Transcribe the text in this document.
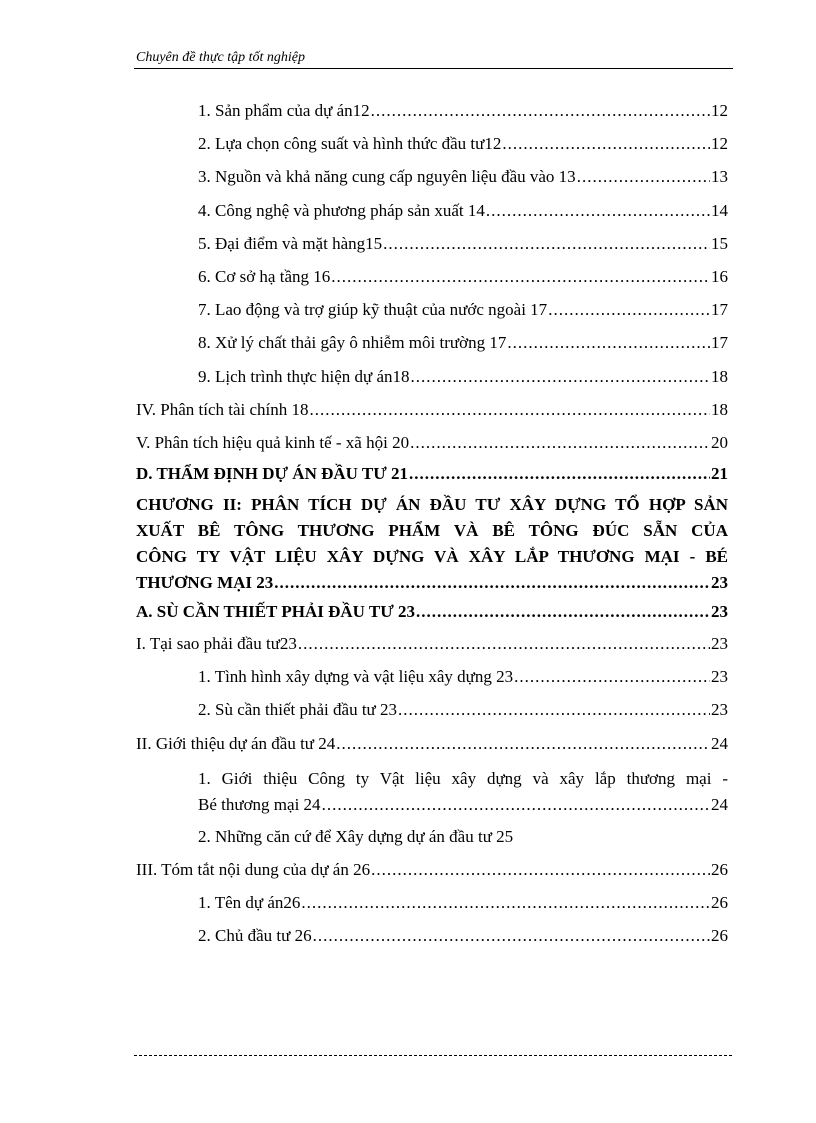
Chuyên đề thực tập tốt nghiệp
1. Sản phẩm của dự án12 .....	12
2. Lựa chọn công suất và hình thức đầu tư12 .....	12
3. Nguồn và khả năng cung cấp nguyên liệu đầu vào 13 .....	13
4. Công nghệ và phương pháp sản xuất 14 .....	14
5. Đại điểm và mặt hàng15 .....	15
6. Cơ sở hạ tầng 16 .....	16
7. Lao động và trợ giúp kỹ thuật của nước ngoài 17 .....	17
8. Xử lý chất thải gây ô nhiễm môi trường 17 .....	17
9. Lịch trình thực hiện dự án18 .....	18
IV. Phân tích tài chính 18 .....	18
V. Phân tích hiệu quả kinh tế - xã hội 20 .....	20
D. THẨM ĐỊNH DỰ ÁN ĐẦU TƯ 21 .....	21
CHƯƠNG II: PHÂN TÍCH DỰ ÁN ĐẦU TƯ XÂY DỰNG TỔ HỢP SẢN
XUẤT BÊ TÔNG THƯƠNG PHẨM VÀ BÊ TÔNG ĐÚC SẴN CỦA
CÔNG TY VẬT LIỆU XÂY DỰNG VÀ XÂY LẮP THƯƠNG MẠI - BÉ
THƯƠNG MẠI 23 .....	23
A. SÙ CẦN THIẾT PHẢI ĐẦU TƯ 23 .....	23
I. Tại sao phải đầu tư23 .....	23
1. Tình hình xây dựng và vật liệu xây dựng 23 .....	23
2. Sù cần thiết phải đầu tư 23 .....	23
II. Giới thiệu dự án đầu tư 24 .....	24
1. Giới thiệu Công ty Vật liệu xây dựng và xây lắp thương mại -
Bé thương mại 24 .....	24
2. Những căn cứ để Xây dựng dự án đầu tư 25
III. Tóm tắt nội dung của dự án 26 .....	26
1. Tên dự án26 .....	26
2. Chủ đầu tư 26 .....	26
